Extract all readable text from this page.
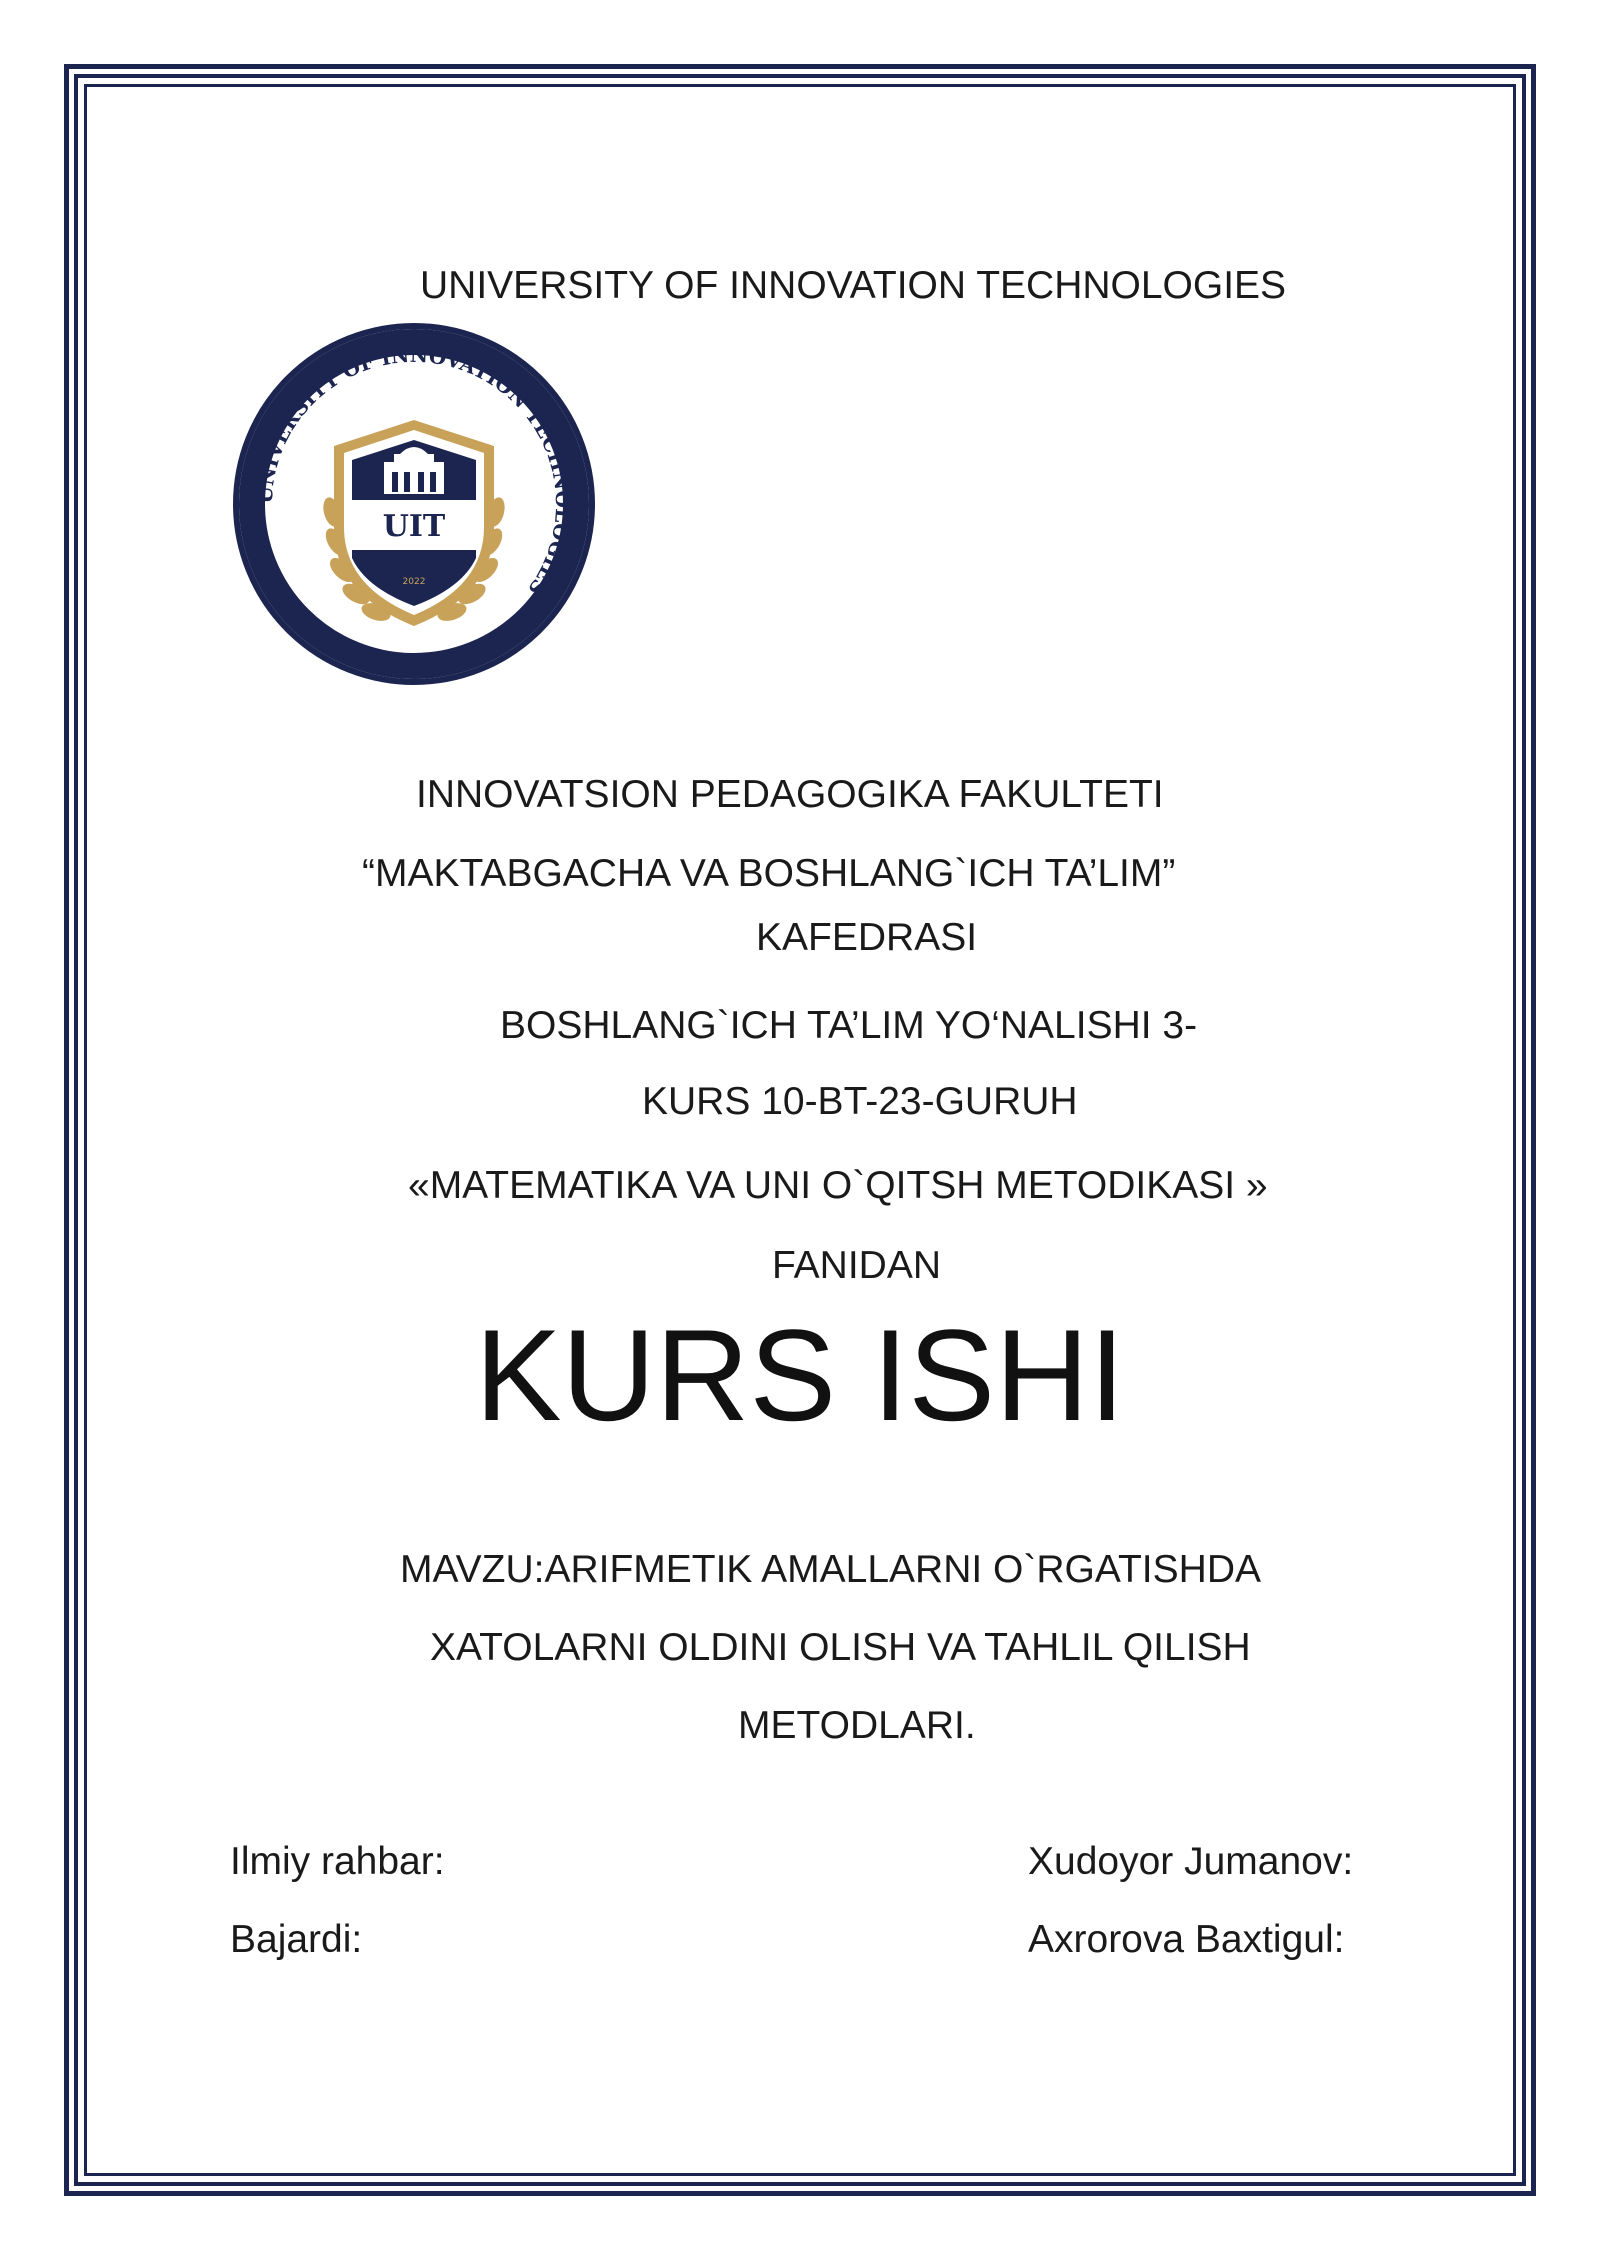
UNIVERSITY OF INNOVATION TECHNOLOGIES
UNIVERSITY OF INNOVATION TECHNOLOGIES
UIT
2022
INNOVATSION PEDAGOGIKA FAKULTETI
“MAKTABGACHA VA BOSHLANG`ICH TA’LIM”
KAFEDRASI
BOSHLANG`ICH TA’LIM YO‘NALISHI 3-
KURS 10-BT-23-GURUH
«MATEMATIKA VA UNI O`QITSH METODIKASI »
FANIDAN
KURS ISHI
MAVZU:ARIFMETIK AMALLARNI O`RGATISHDA
XATOLARNI OLDINI OLISH VA TAHLIL QILISH
METODLARI.
Ilmiy rahbar:	Xudoyor Jumanov:
Bajardi:	Axrorova Baxtigul:
